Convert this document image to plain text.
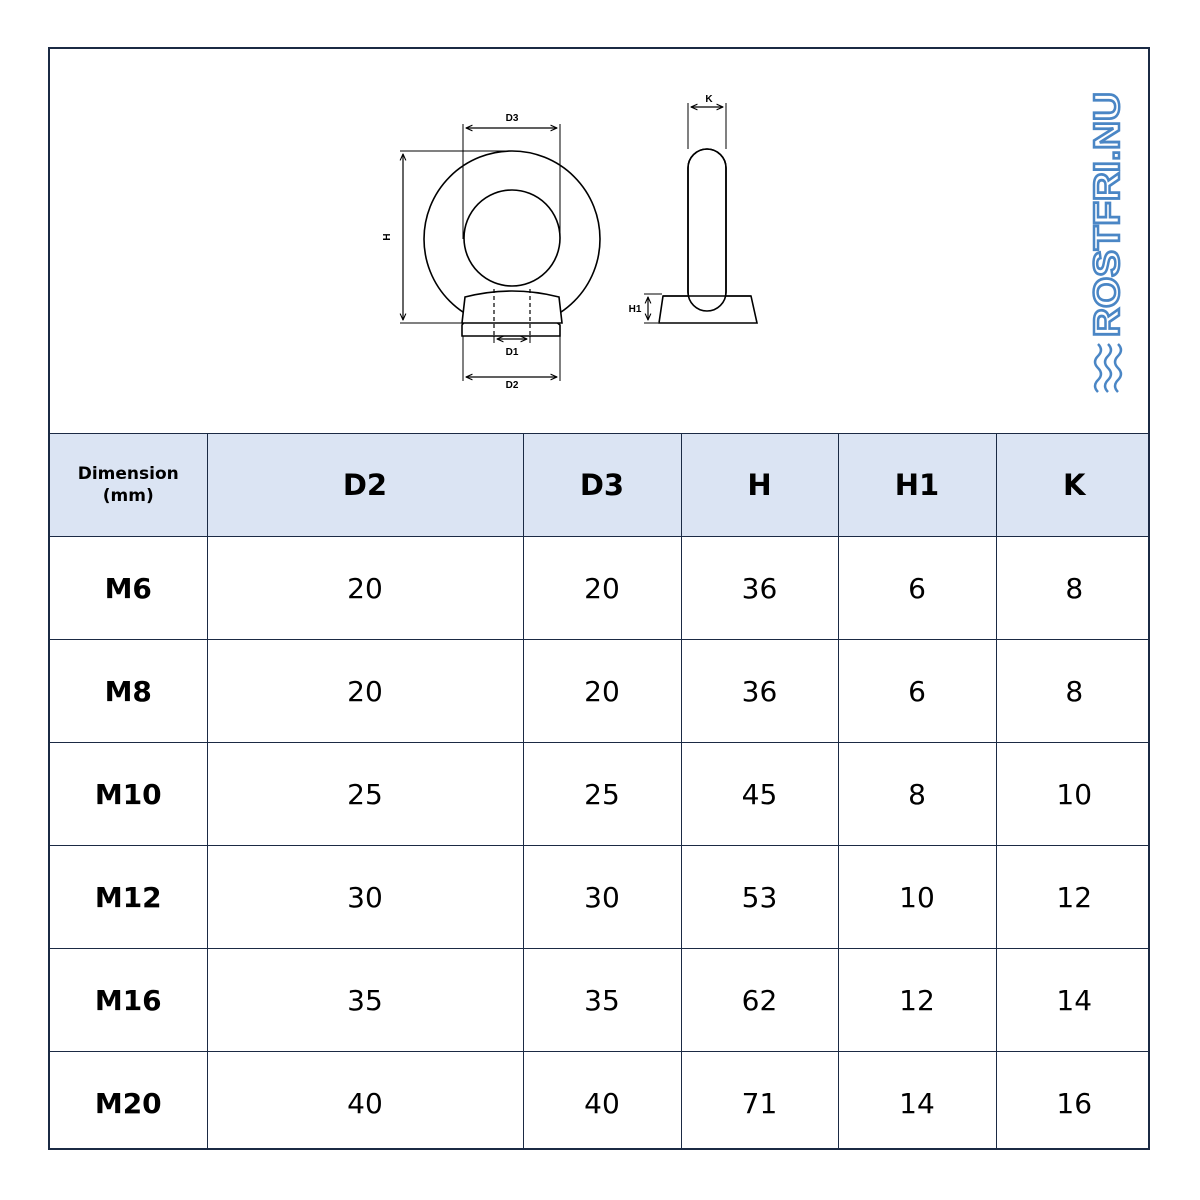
D3
H
D1
D2
K
H1	ROSTFRI.NU
Dimension
(mm)	D2	D3	H	H1	K
M6	20	20	36	6	8
M8	20	20	36	6	8
M10	25	25	45	8	10
M12	30	30	53	10	12
M16	35	35	62	12	14
M20	40	40	71	14	16
